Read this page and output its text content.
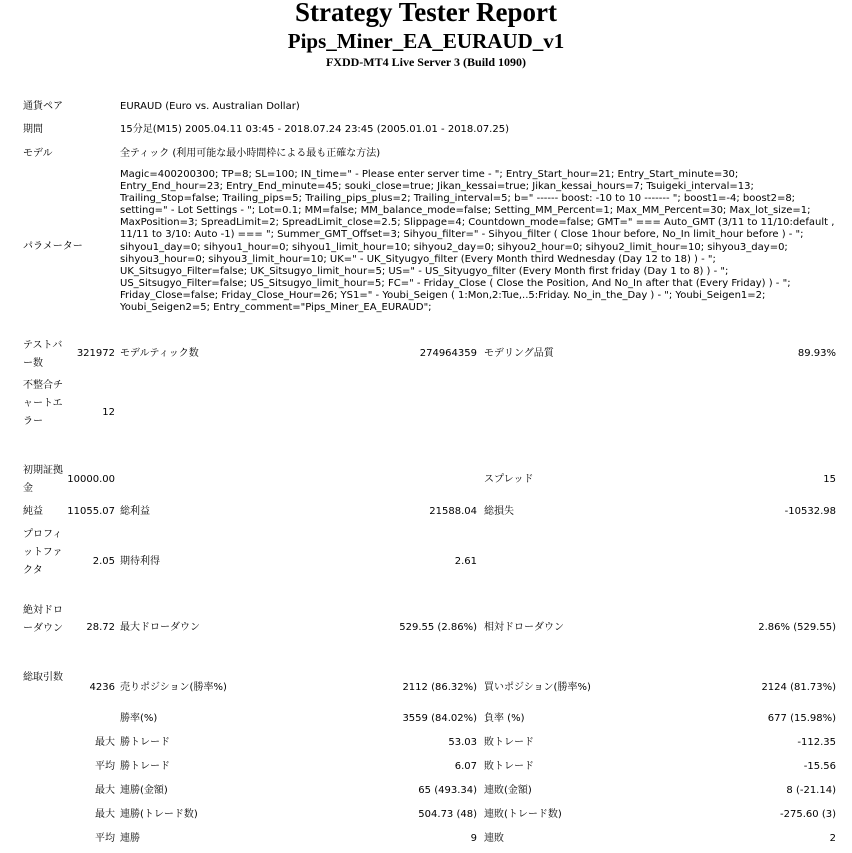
Strategy Tester Report
Pips_Miner_EA_EURAUD_v1
FXDD-MT4 Live Server 3 (Build 1090)
通貨ペア	EURAUD (Euro vs. Australian Dollar)
期間	15分足(M15) 2005.04.11 03:45 - 2018.07.24 23:45 (2005.01.01 - 2018.07.25)
モデル	全ティック (利用可能な最小時間枠による最も正確な方法)
パラメーター
Magic=400200300; TP=8; SL=100; IN_time=" - Please enter server time - "; Entry_Start_hour=21; Entry_Start_minute=30; Entry_End_hour=23; Entry_End_minute=45; souki_close=true; Jikan_kessai=true; Jikan_kessai_hours=7; Tsuigeki_interval=13; Trailing_Stop=false; Trailing_pips=5; Trailing_pips_plus=2; Trailing_interval=5; b=" ------ boost: -10 to 10 ------- "; boost1=-4; boost2=8; setting=" - Lot Settings - "; Lot=0.1; MM=false; MM_balance_mode=false; Setting_MM_Percent=1; Max_MM_Percent=30; Max_lot_size=1; MaxPosition=3; SpreadLimit=2; SpreadLimit_close=2.5; Slippage=4; Countdown_mode=false; GMT=" === Auto_GMT (3/11 to 11/10:default , 11/11 to 3/10: Auto -1) === "; Summer_GMT_Offset=3; Sihyou_filter=" - Sihyou_filter ( Close 1hour before, No_In limit_hour before ) - "; sihyou1_day=0; sihyou1_hour=0; sihyou1_limit_hour=10; sihyou2_day=0; sihyou2_hour=0; sihyou2_limit_hour=10; sihyou3_day=0; sihyou3_hour=0; sihyou3_limit_hour=10; UK=" - UK_Sityugyo_filter (Every Month third Wednesday (Day 12 to 18) ) - "; UK_Sitsugyo_Filter=false; UK_Sitsugyo_limit_hour=5; US=" - US_Sityugyo_filter (Every Month first friday (Day 1 to 8) ) - "; US_Sitsugyo_Filter=false; US_Sitsugyo_limit_hour=5; FC=" - Friday_Close ( Close the Position, And No_In after that (Every Friday) ) - "; Friday_Close=false; Friday_Close_Hour=26; YS1=" - Youbi_Seigen ( 1:Mon,2:Tue,..5:Friday. No_in_the_Day ) - "; Youbi_Seigen1=2; Youbi_Seigen2=5; Entry_comment="Pips_Miner_EA_EURAUD";
テストバー数
321972 モデルティック数	274964359 モデリング品質	89.93%
不整合チャートエラー
12
初期証拠金
10000.00	スプレッド	15
純益	11055.07 総利益	21588.04 総損失	-10532.98
プロフィットファクタ
2.05 期待利得	2.61
絶対ドローダウン	28.72 最大ドローダウン	529.55 (2.86%) 相対ドローダウン	2.86% (529.55)
総取引数
4236 売りポジション(勝率%)	2112 (86.32%) 買いポジション(勝率%)	2124 (81.73%)
勝率(%)	3559 (84.02%) 負率 (%)	677 (15.98%)
最大 勝トレード	53.03 敗トレード	-112.35
平均 勝トレード	6.07 敗トレード	-15.56
最大 連勝(金額)	65 (493.34) 連敗(金額)	8 (-21.14)
最大 連勝(トレード数)	504.73 (48) 連敗(トレード数)	-275.60 (3)
平均 連勝	9 連敗	2
